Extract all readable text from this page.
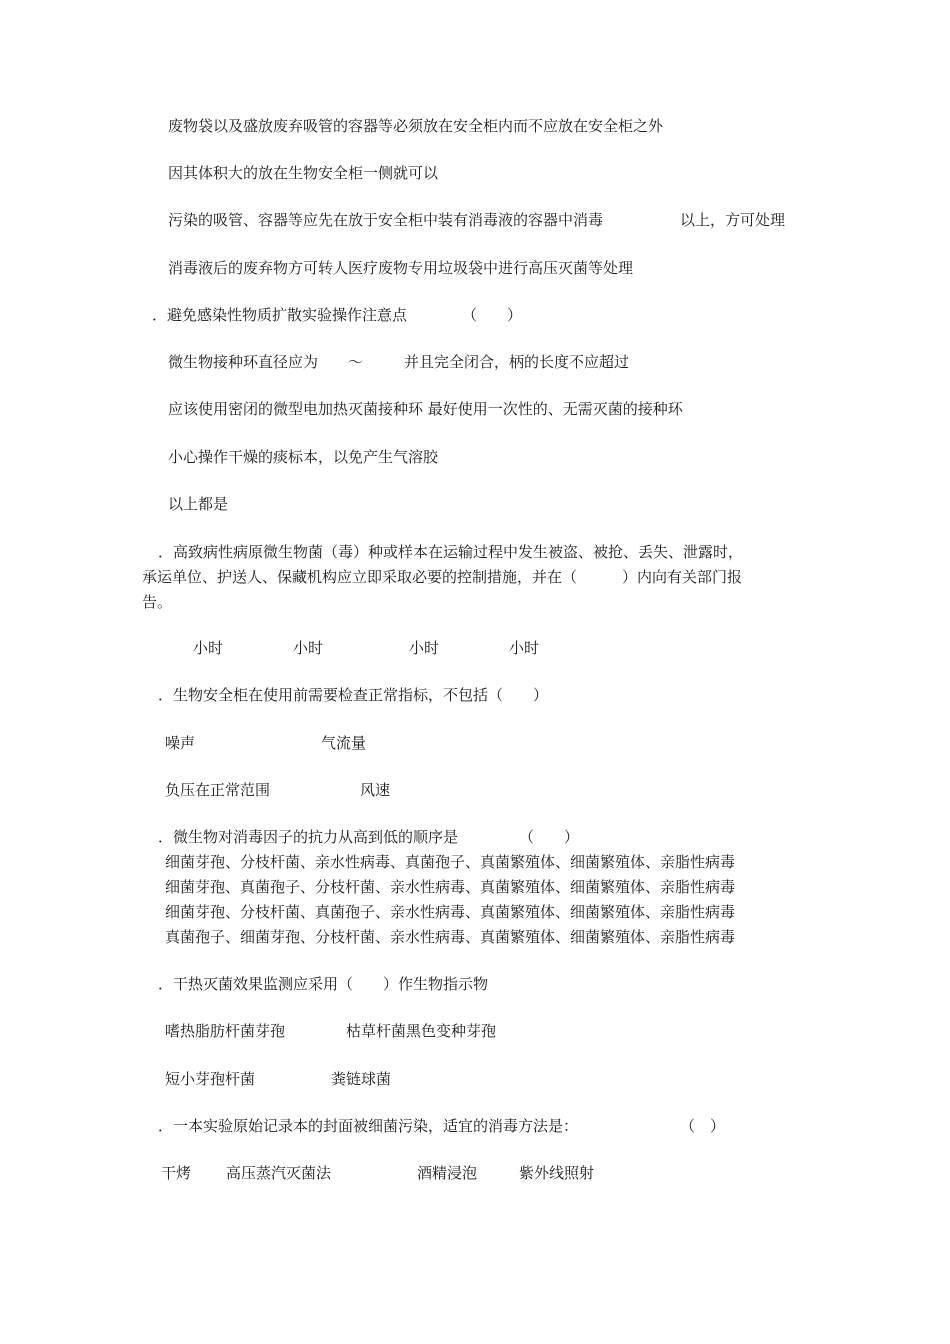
废物袋以及盛放废弃吸管的容器等必须放在安全柜内而不应放在安全柜之外
因其体积大的放在生物安全柜一侧就可以
污染的吸管、容器等应先在放于安全柜中装有消毒液的容器中消毒	以上，方可处理
消毒液后的废弃物方可转人医疗废物专用垃圾袋中进行高压灭菌等处理
．避免感染性物质扩散实验操作注意点	（　　）
微生物接种环直径应为 ～	并且完全闭合，柄的长度不应超过
应该使用密闭的微型电加热灭菌接种环 最好使用一次性的、无需灭菌的接种环
小心操作干燥的痰标本，以免产生气溶胶
以上都是
．高致病性病原微生物菌（毒）种或样本在运输过程中发生被盗、被抢、丢失、泄露时，
承运单位、护送人、保藏机构应立即采取必要的控制措施，并在（　　　）内向有关部门报
告。
小时	小时	小时	小时
．生物安全柜在使用前需要检查正常指标，不包括（　　）
噪声	气流量
负压在正常范围	风速
．微生物对消毒因子的抗力从高到低的顺序是	（　　）
细菌芽孢、分枝杆菌、亲水性病毒、真菌孢子、真菌繁殖体、细菌繁殖体、亲脂性病毒
细菌芽孢、真菌孢子、分枝杆菌、亲水性病毒、真菌繁殖体、细菌繁殖体、亲脂性病毒
细菌芽孢、分枝杆菌、真菌孢子、亲水性病毒、真菌繁殖体、细菌繁殖体、亲脂性病毒
真菌孢子、细菌芽孢、分枝杆菌、亲水性病毒、真菌繁殖体、细菌繁殖体、亲脂性病毒
．干热灭菌效果监测应采用（　　）作生物指示物
嗜热脂肪杆菌芽孢	枯草杆菌黑色变种芽孢
短小芽孢杆菌	粪链球菌
．一本实验原始记录本的封面被细菌污染，适宜的消毒方法是：	（　）
干烤 高压蒸汽灭菌法	酒精浸泡	紫外线照射
